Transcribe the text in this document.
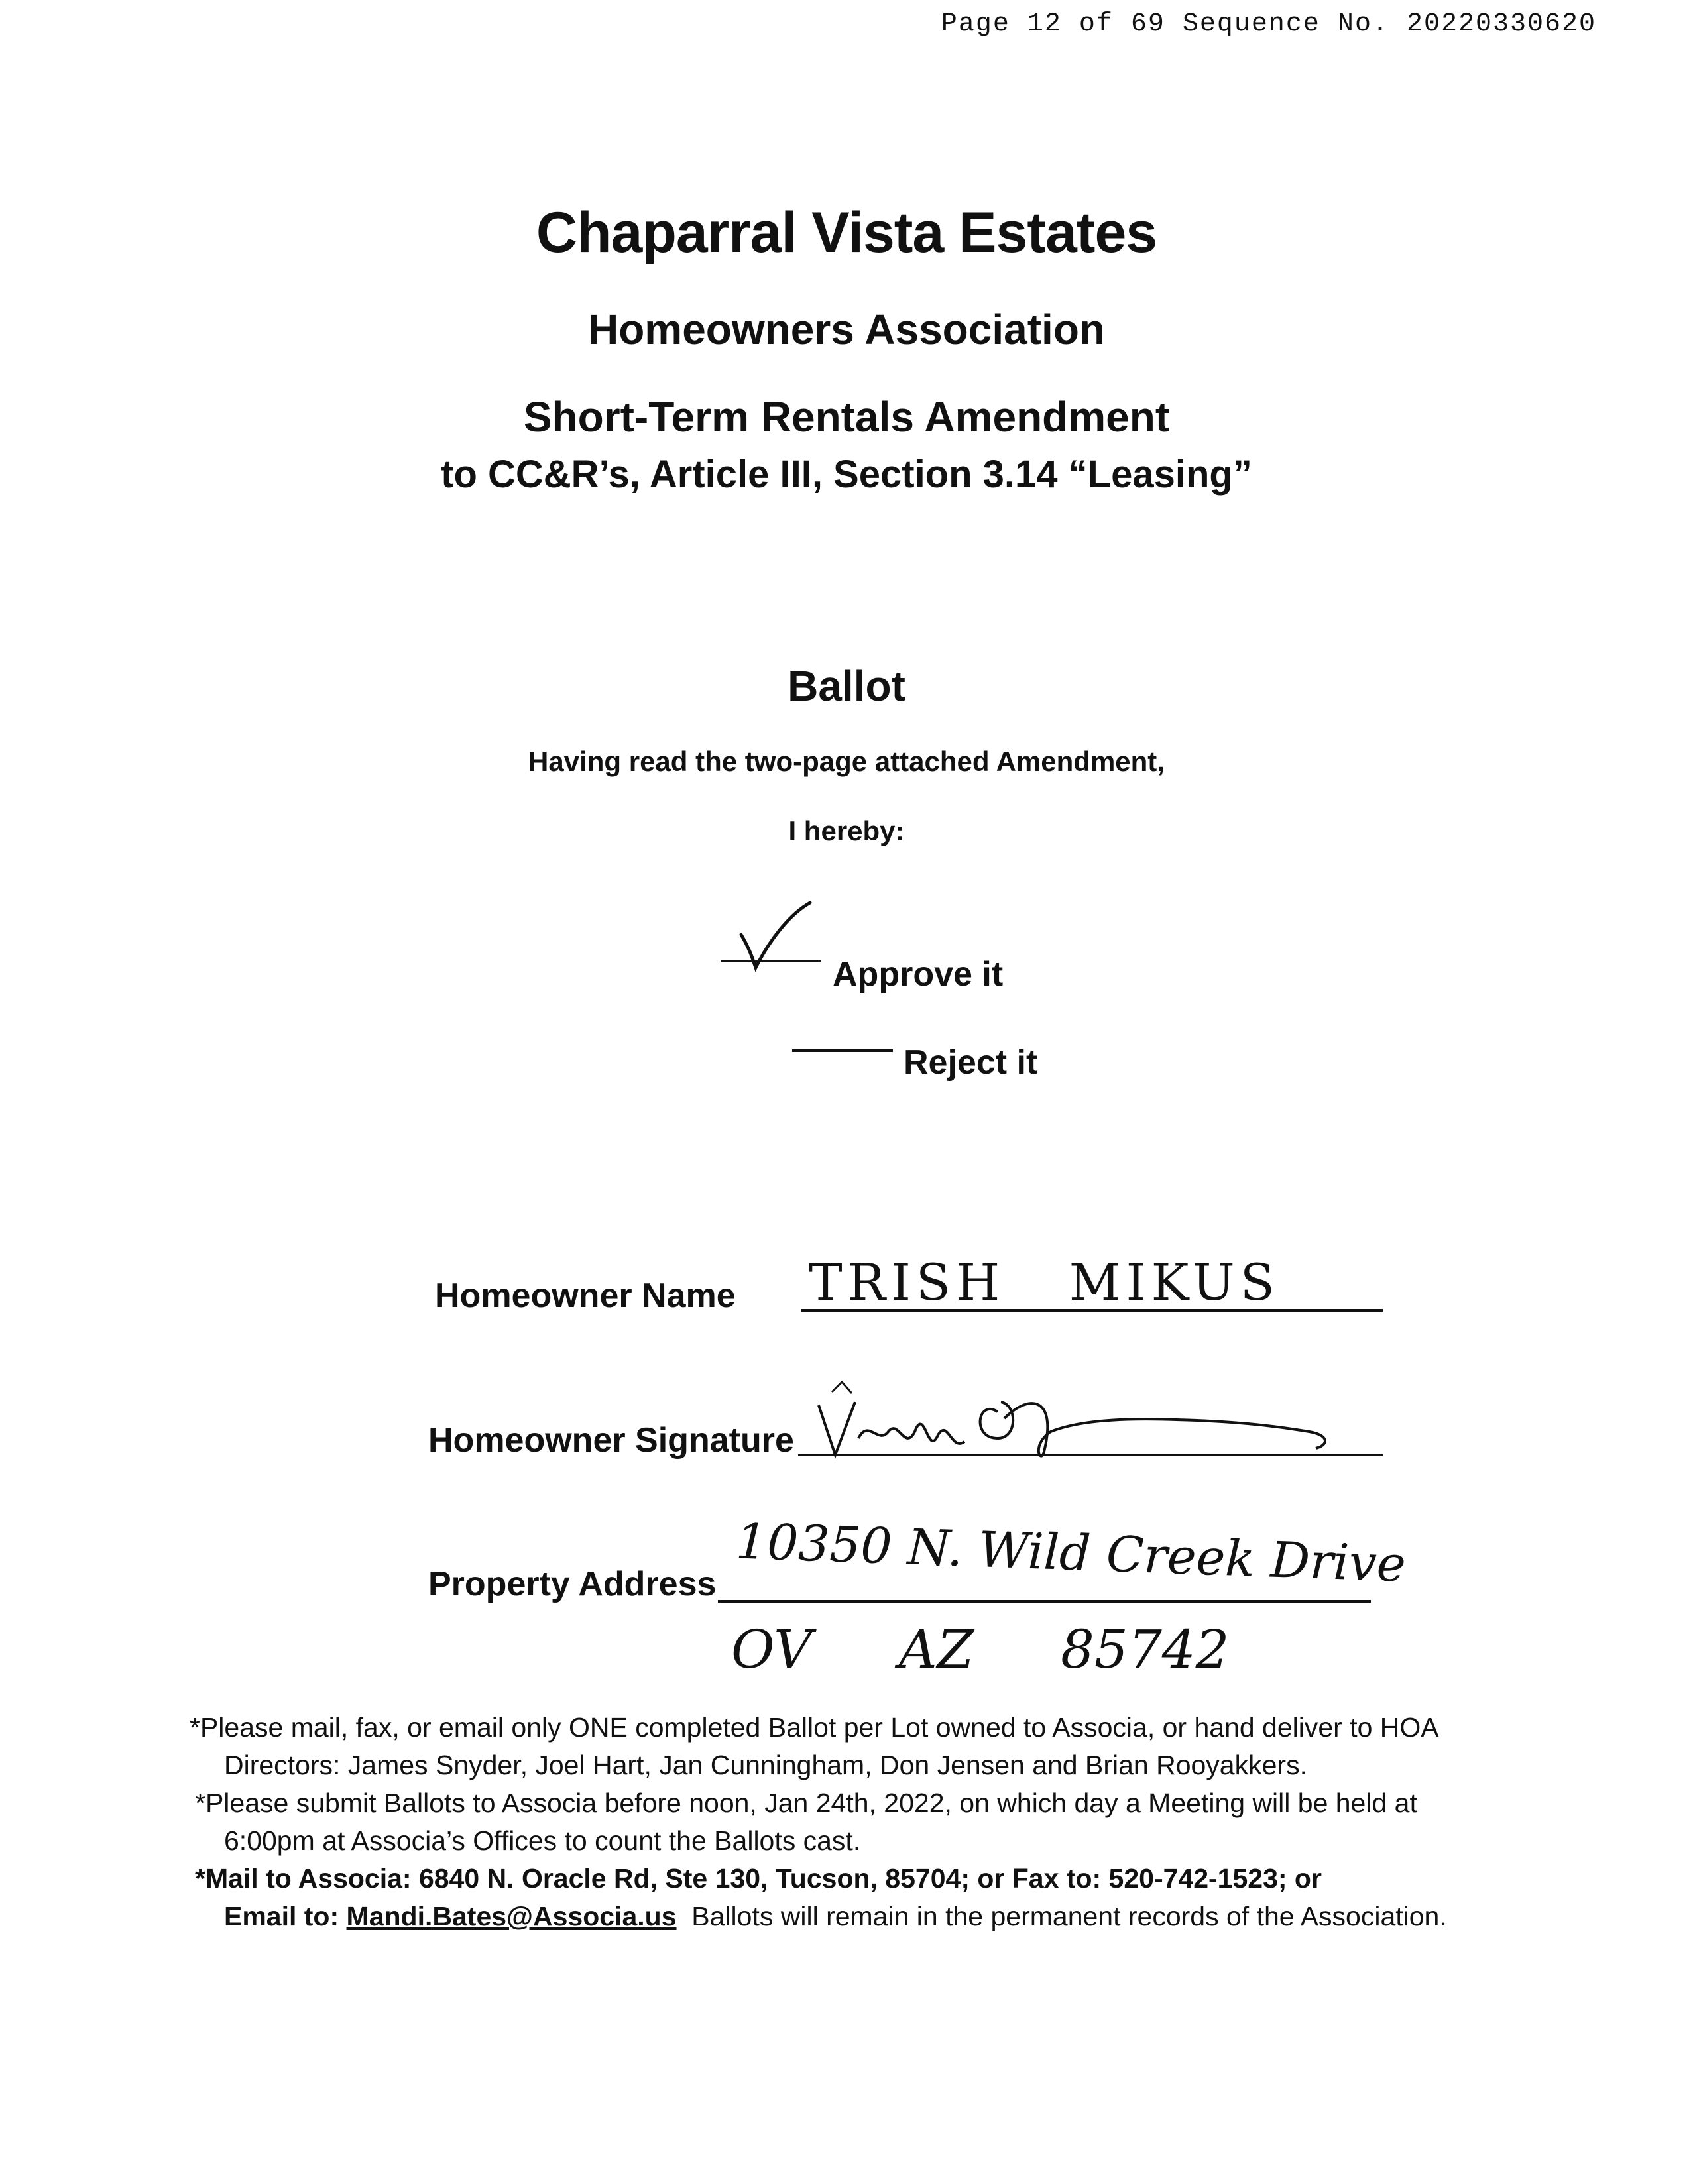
Page 12 of 69 Sequence No. 20220330620
Chaparral Vista Estates
Homeowners Association
Short-Term Rentals Amendment
to CC&R’s, Article III, Section 3.14 “Leasing”
Ballot
Having read the two-page attached Amendment,
I hereby:
Approve it
Reject it
Homeowner Name TRISH   MIKUS
Homeowner Signature
Property Address 10350 N. Wild Creek Drive
OV  AZ  85742

*Please mail, fax, or email only ONE completed Ballot per Lot owned to Associa, or hand deliver to HOA

Directors: James Snyder, Joel Hart, Jan Cunningham, Don Jensen and Brian Rooyakkers.

*Please submit Ballots to Associa before noon, Jan 24th, 2022, on which day a Meeting will be held at

6:00pm at Associa’s Offices to count the Ballots cast.

*Mail to Associa: 6840 N. Oracle Rd, Ste 130, Tucson, 85704; or Fax to: 520-742-1523; or

Email to: Mandi.Bates@Associa.us  Ballots will remain in the permanent records of the Association.
